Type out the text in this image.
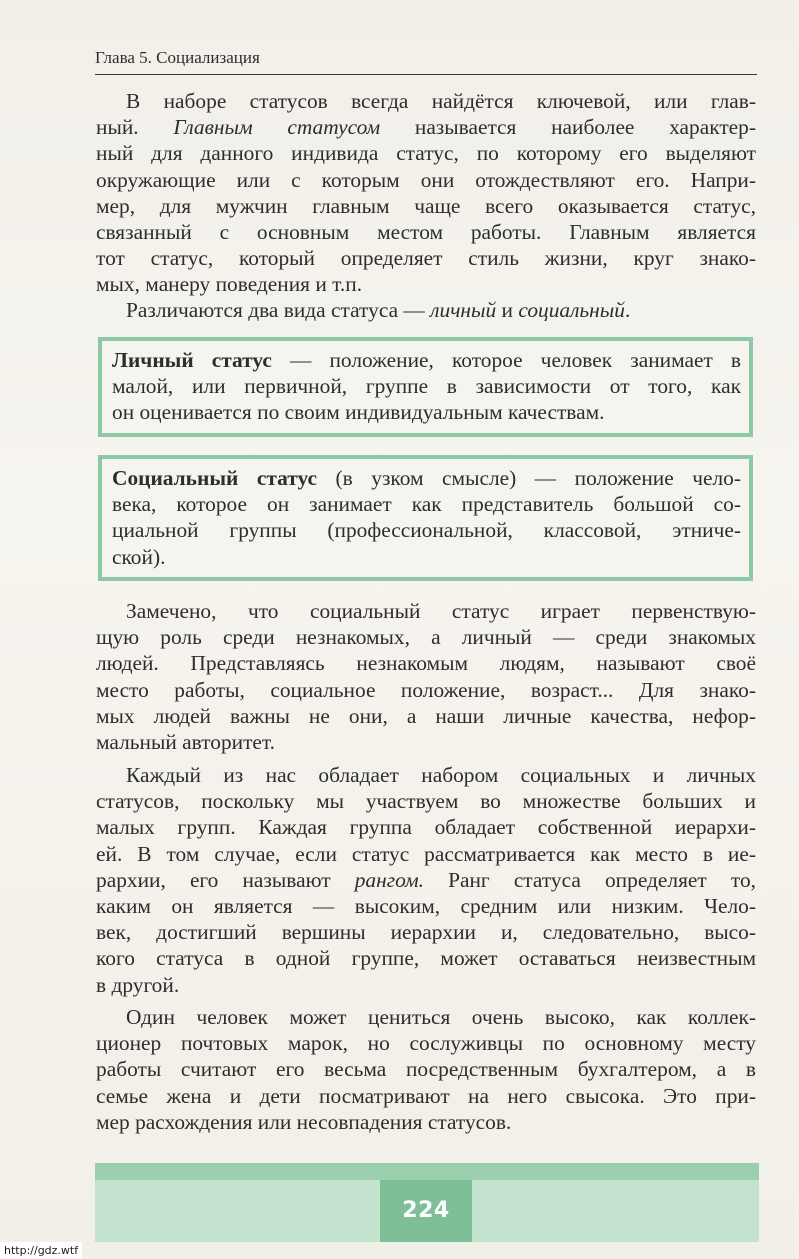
Глава 5. Социализация
В наборе статусов всегда найдётся ключевой, или глав-
ный. Главным статусом называется наиболее характер-
ный для данного индивида статус, по которому его выделяют
окружающие или с которым они отождествляют его. Напри-
мер, для мужчин главным чаще всего оказывается статус,
связанный с основным местом работы. Главным является
тот статус, который определяет стиль жизни, круг знако-
мых, манеру поведения и т.п.
Различаются два вида статуса — личный и социальный.
Личный статус — положение, которое человек занимает в
малой, или первичной, группе в зависимости от того, как
он оценивается по своим индивидуальным качествам.
Социальный статус (в узком смысле) — положение чело-
века, которое он занимает как представитель большой со-
циальной группы (профессиональной, классовой, этниче-
ской).
Замечено, что социальный статус играет первенствую-
щую роль среди незнакомых, а личный — среди знакомых
людей. Представляясь незнакомым людям, называют своё
место работы, социальное положение, возраст... Для знако-
мых людей важны не они, а наши личные качества, нефор-
мальный авторитет.
Каждый из нас обладает набором социальных и личных
статусов, поскольку мы участвуем во множестве больших и
малых групп. Каждая группа обладает собственной иерархи-
ей. В том случае, если статус рассматривается как место в ие-
рархии, его называют рангом. Ранг статуса определяет то,
каким он является — высоким, средним или низким. Чело-
век, достигший вершины иерархии и, следовательно, высо-
кого статуса в одной группе, может оставаться неизвестным
в другой.
Один человек может цениться очень высоко, как коллек-
ционер почтовых марок, но сослуживцы по основному месту
работы считают его весьма посредственным бухгалтером, а в
семье жена и дети посматривают на него свысока. Это при-
мер расхождения или несовпадения статусов.
224
http://gdz.wtf
